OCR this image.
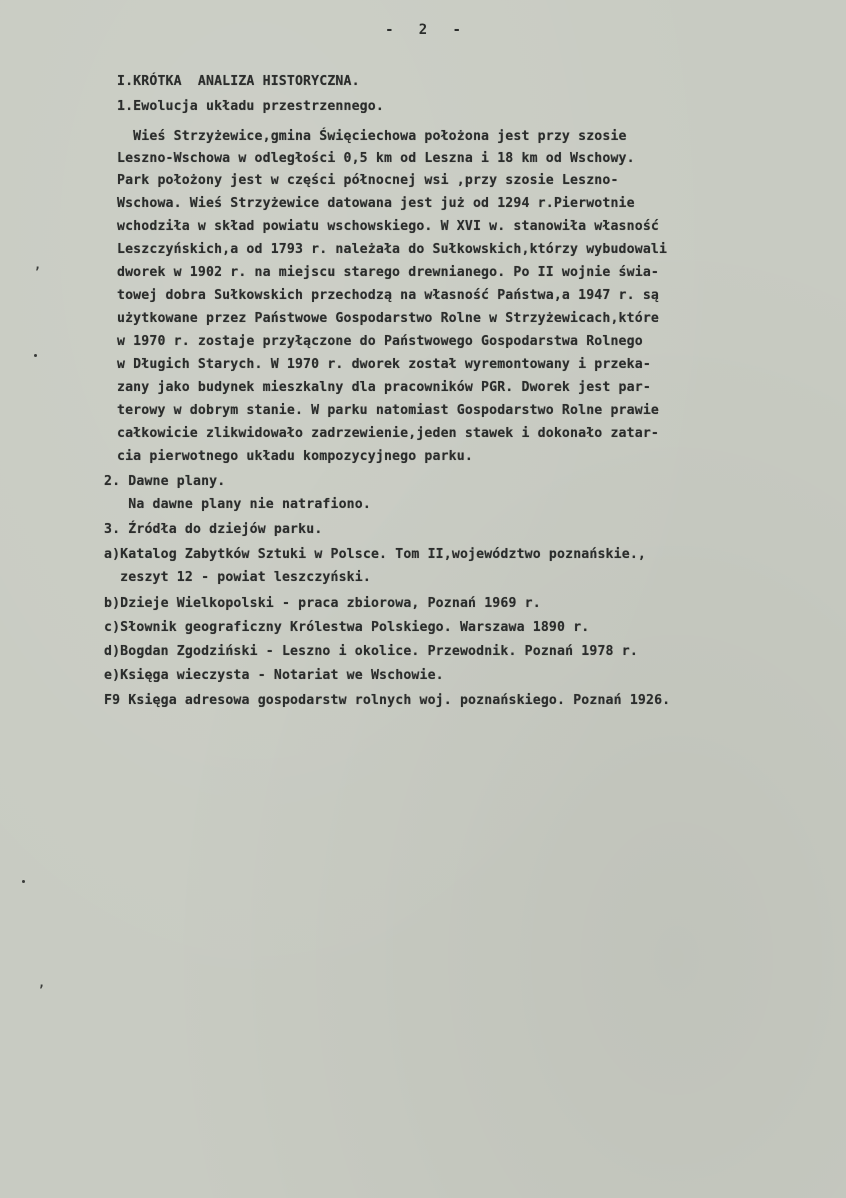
-   2   -
I.KRÓTKA  ANALIZA HISTORYCZNA.
1.Ewolucja układu przestrzennego.
Wieś Strzyżewice,gmina Święciechowa położona jest przy szosie
Leszno-Wschowa w odległości 0,5 km od Leszna i 18 km od Wschowy.
Park położony jest w części północnej wsi ,przy szosie Leszno-
Wschowa. Wieś Strzyżewice datowana jest już od 1294 r.Pierwotnie
wchodziła w skład powiatu wschowskiego. W XVI w. stanowiła własność
Leszczyńskich,a od 1793 r. należała do Sułkowskich,którzy wybudowali
dworek w 1902 r. na miejscu starego drewnianego. Po II wojnie świa-
towej dobra Sułkowskich przechodzą na własność Państwa,a 1947 r. są
użytkowane przez Państwowe Gospodarstwo Rolne w Strzyżewicach,które
w 1970 r. zostaje przyłączone do Państwowego Gospodarstwa Rolnego
w Długich Starych. W 1970 r. dworek został wyremontowany i przeka-
zany jako budynek mieszkalny dla pracowników PGR. Dworek jest par-
terowy w dobrym stanie. W parku natomiast Gospodarstwo Rolne prawie
całkowicie zlikwidowało zadrzewienie,jeden stawek i dokonało zatar-
cia pierwotnego układu kompozycyjnego parku.
2. Dawne plany.
Na dawne plany nie natrafiono.
3. Źródła do dziejów parku.
a)Katalog Zabytków Sztuki w Polsce. Tom II,województwo poznańskie.,
zeszyt 12 - powiat leszczyński.
b)Dzieje Wielkopolski - praca zbiorowa, Poznań 1969 r.
c)Słownik geograficzny Królestwa Polskiego. Warszawa 1890 r.
d)Bogdan Zgodziński - Leszno i okolice. Przewodnik. Poznań 1978 r.
e)Księga wieczysta - Notariat we Wschowie.
F9 Księga adresowa gospodarstw rolnych woj. poznańskiego. Poznań 1926.
,
,
